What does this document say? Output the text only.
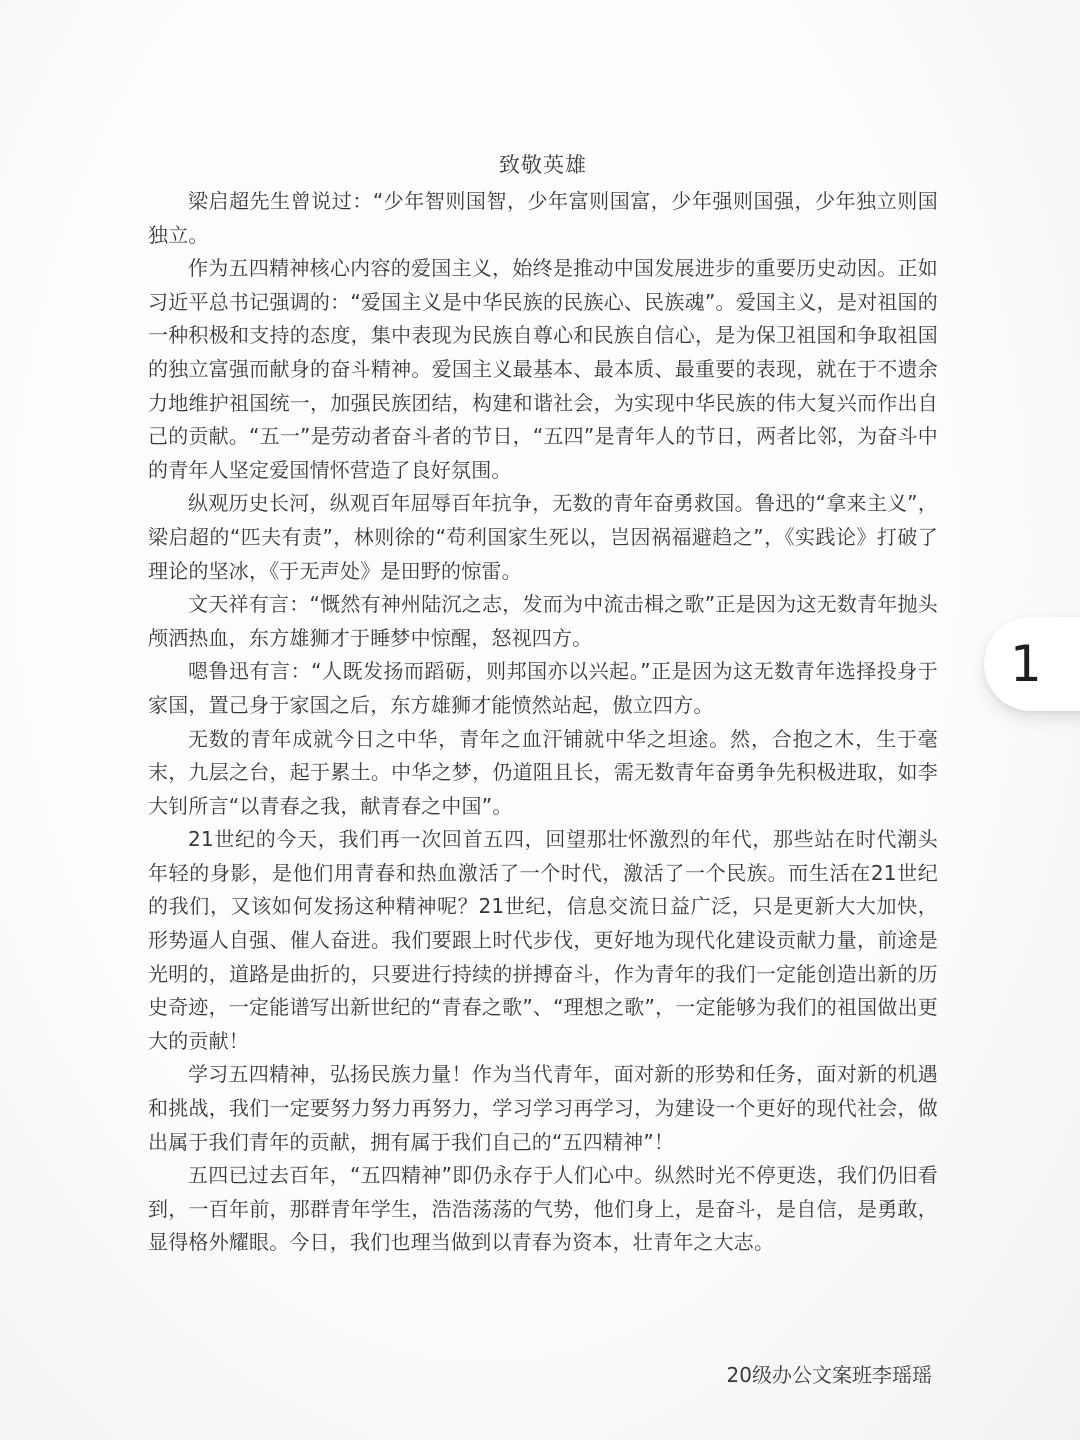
致敬英雄

梁启超先生曾说过：“少年智则国智，少年富则国富，少年强则国强，少年独立则国独立。

作为五四精神核心内容的爱国主义，始终是推动中国发展进步的重要历史动因。正如习近平总书记强调的：“爱国主义是中华民族的民族心、民族魂”。爱国主义，是对祖国的一种积极和支持的态度，集中表现为民族自尊心和民族自信心，是为保卫祖国和争取祖国的独立富强而献身的奋斗精神。爱国主义最基本、最本质、最重要的表现，就在于不遗余力地维护祖国统一，加强民族团结，构建和谐社会，为实现中华民族的伟大复兴而作出自己的贡献。“五一”是劳动者奋斗者的节日，“五四”是青年人的节日，两者比邻，为奋斗中的青年人坚定爱国情怀营造了良好氛围。

纵观历史长河，纵观百年屈辱百年抗争，无数的青年奋勇救国。鲁迅的“拿来主义”，梁启超的“匹夫有责”，林则徐的“苟利国家生死以，岂因祸福避趋之”，《实践论》打破了理论的坚冰，《于无声处》是田野的惊雷。

文天祥有言：“慨然有神州陆沉之志，发而为中流击楫之歌”正是因为这无数青年抛头颅洒热血，东方雄狮才于睡梦中惊醒，怒视四方。

嗯鲁迅有言：“人既发扬而蹈砺，则邦国亦以兴起。”正是因为这无数青年选择投身于家国，置己身于家国之后，东方雄狮才能愤然站起，傲立四方。

无数的青年成就今日之中华，青年之血汗铺就中华之坦途。然，合抱之木，生于毫末，九层之台，起于累土。中华之梦，仍道阻且长，需无数青年奋勇争先积极进取，如李大钊所言“以青春之我，献青春之中国”。

21世纪的今天，我们再一次回首五四，回望那壮怀激烈的年代，那些站在时代潮头年轻的身影，是他们用青春和热血激活了一个时代，激活了一个民族。而生活在21世纪的我们，又该如何发扬这种精神呢？21世纪，信息交流日益广泛，只是更新大大加快，形势逼人自强、催人奋进。我们要跟上时代步伐，更好地为现代化建设贡献力量，前途是光明的，道路是曲折的，只要进行持续的拼搏奋斗，作为青年的我们一定能创造出新的历史奇迹，一定能谱写出新世纪的“青春之歌”、“理想之歌”，一定能够为我们的祖国做出更大的贡献！

学习五四精神，弘扬民族力量！作为当代青年，面对新的形势和任务，面对新的机遇和挑战，我们一定要努力努力再努力，学习学习再学习，为建设一个更好的现代社会，做出属于我们青年的贡献，拥有属于我们自己的“五四精神”！

五四已过去百年，“五四精神”即仍永存于人们心中。纵然时光不停更迭，我们仍旧看到，一百年前，那群青年学生，浩浩荡荡的气势，他们身上，是奋斗，是自信，是勇敢，显得格外耀眼。今日，我们也理当做到以青春为资本，壮青年之大志。

20级办公文案班李瑶瑶
1
